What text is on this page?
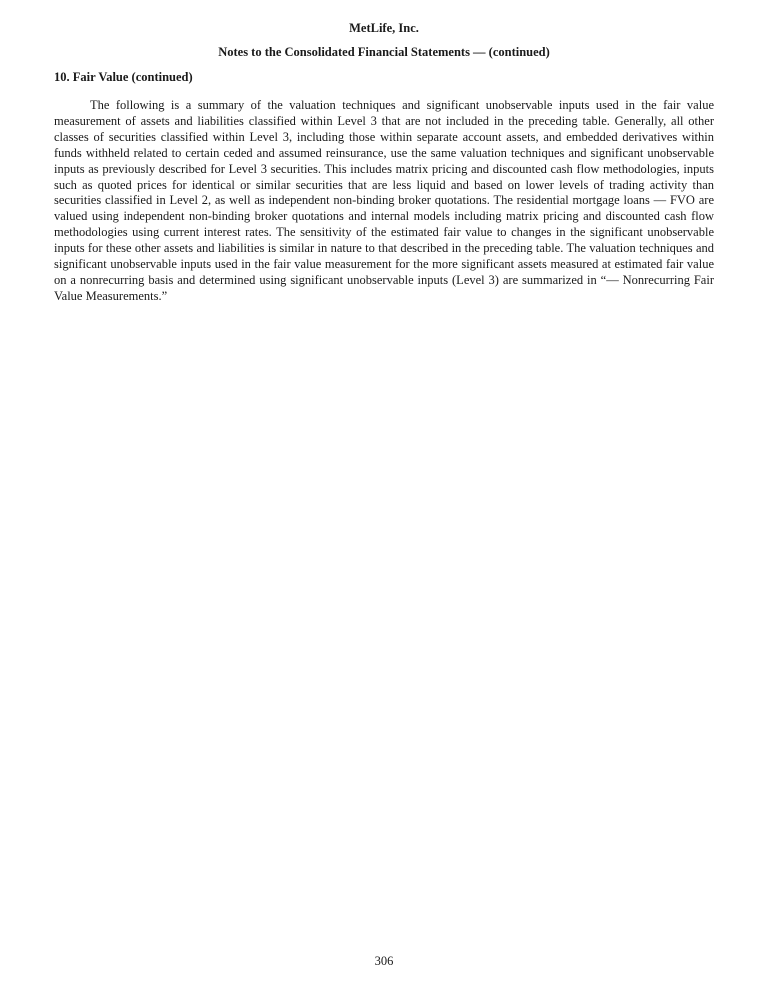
MetLife, Inc.
Notes to the Consolidated Financial Statements — (continued)
10. Fair Value (continued)

The following is a summary of the valuation techniques and significant unobservable inputs used in the fair value measurement of assets and liabilities classified within Level 3 that are not included in the preceding table. Generally, all other classes of securities classified within Level 3, including those within separate account assets, and embedded derivatives within funds withheld related to certain ceded and assumed reinsurance, use the same valuation techniques and significant unobservable inputs as previously described for Level 3 securities. This includes matrix pricing and discounted cash flow methodologies, inputs such as quoted prices for identical or similar securities that are less liquid and based on lower levels of trading activity than securities classified in Level 2, as well as independent non-binding broker quotations. The residential mortgage loans — FVO are valued using independent non-binding broker quotations and internal models including matrix pricing and discounted cash flow methodologies using current interest rates. The sensitivity of the estimated fair value to changes in the significant unobservable inputs for these other assets and liabilities is similar in nature to that described in the preceding table. The valuation techniques and significant unobservable inputs used in the fair value measurement for the more significant assets measured at estimated fair value on a nonrecurring basis and determined using significant unobservable inputs (Level 3) are summarized in “— Nonrecurring Fair Value Measurements.”

306
